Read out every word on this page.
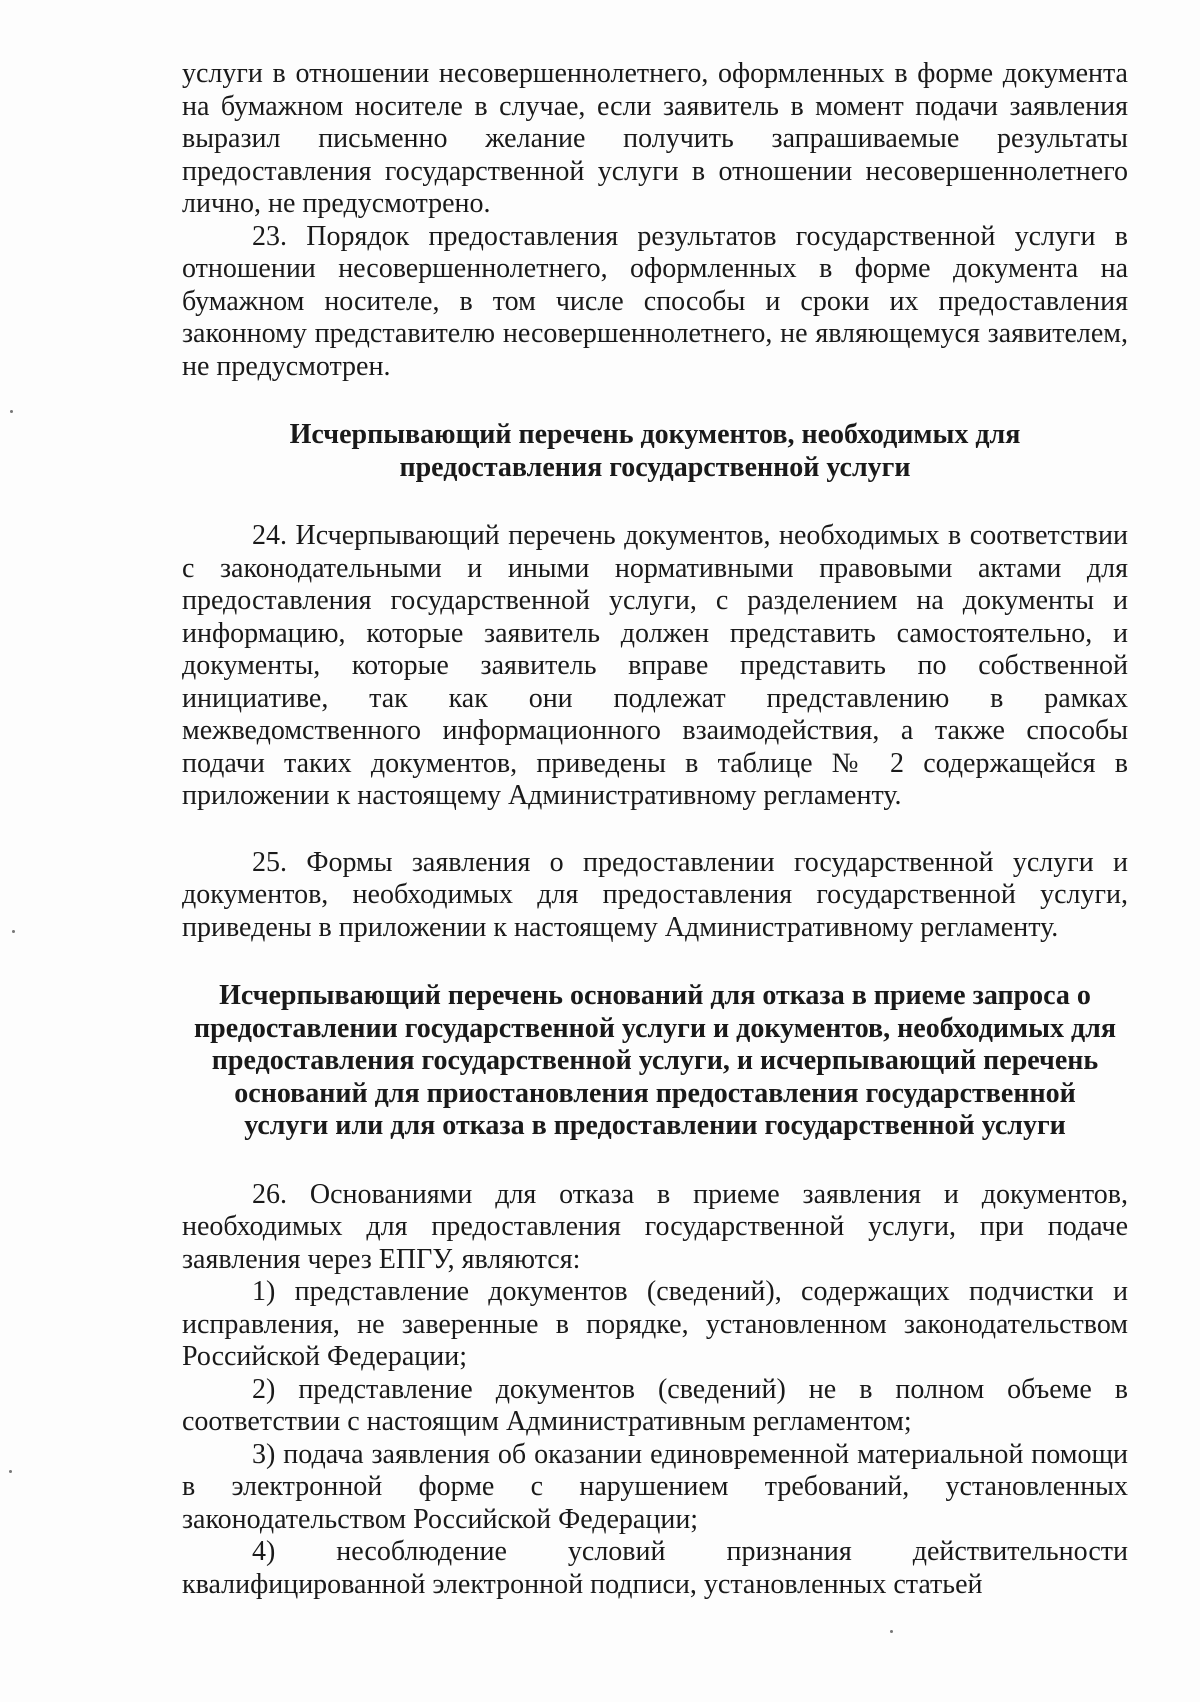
услуги в отношении несовершеннолетнего, оформленных в форме документа на бумажном носителе в случае, если заявитель в момент подачи заявления выразил письменно желание получить запрашиваемые результаты предоставления государственной услуги в отношении несовершеннолетнего лично, не предусмотрено.

23. Порядок предоставления результатов государственной услуги в отношении несовершеннолетнего, оформленных в форме документа на бумажном носителе, в том числе способы и сроки их предоставления законному представителю несовершеннолетнего, не являющемуся заявителем, не предусмотрен.

Исчерпывающий перечень документов, необходимых для
предоставления государственной услуги

24. Исчерпывающий перечень документов, необходимых в соответствии с законодательными и иными нормативными правовыми актами для предоставления государственной услуги, с разделением на документы и информацию, которые заявитель должен представить самостоятельно, и документы, которые заявитель вправе представить по собственной инициативе, так как они подлежат представлению в рамках межведомственного информационного взаимодействия, а также способы подачи таких документов, приведены в таблице № 2 содержащейся в приложении к настоящему Административному регламенту.

25. Формы заявления о предоставлении государственной услуги и документов, необходимых для предоставления государственной услуги, приведены в приложении к настоящему Административному регламенту.

Исчерпывающий перечень оснований для отказа в приеме запроса о
предоставлении государственной услуги и документов, необходимых для
предоставления государственной услуги, и исчерпывающий перечень
оснований для приостановления предоставления государственной
услуги или для отказа в предоставлении государственной услуги

26. Основаниями для отказа в приеме заявления и документов, необходимых для предоставления государственной услуги, при подаче заявления через ЕПГУ, являются:

1) представление документов (сведений), содержащих подчистки и исправления, не заверенные в порядке, установленном законодательством Российской Федерации;

2) представление документов (сведений) не в полном объеме в соответствии с настоящим Административным регламентом;

3) подача заявления об оказании единовременной материальной помощи в электронной форме с нарушением требований, установленных законодательством Российской Федерации;

4) несоблюдение условий признания действительности квалифицированной электронной подписи, установленных статьей
